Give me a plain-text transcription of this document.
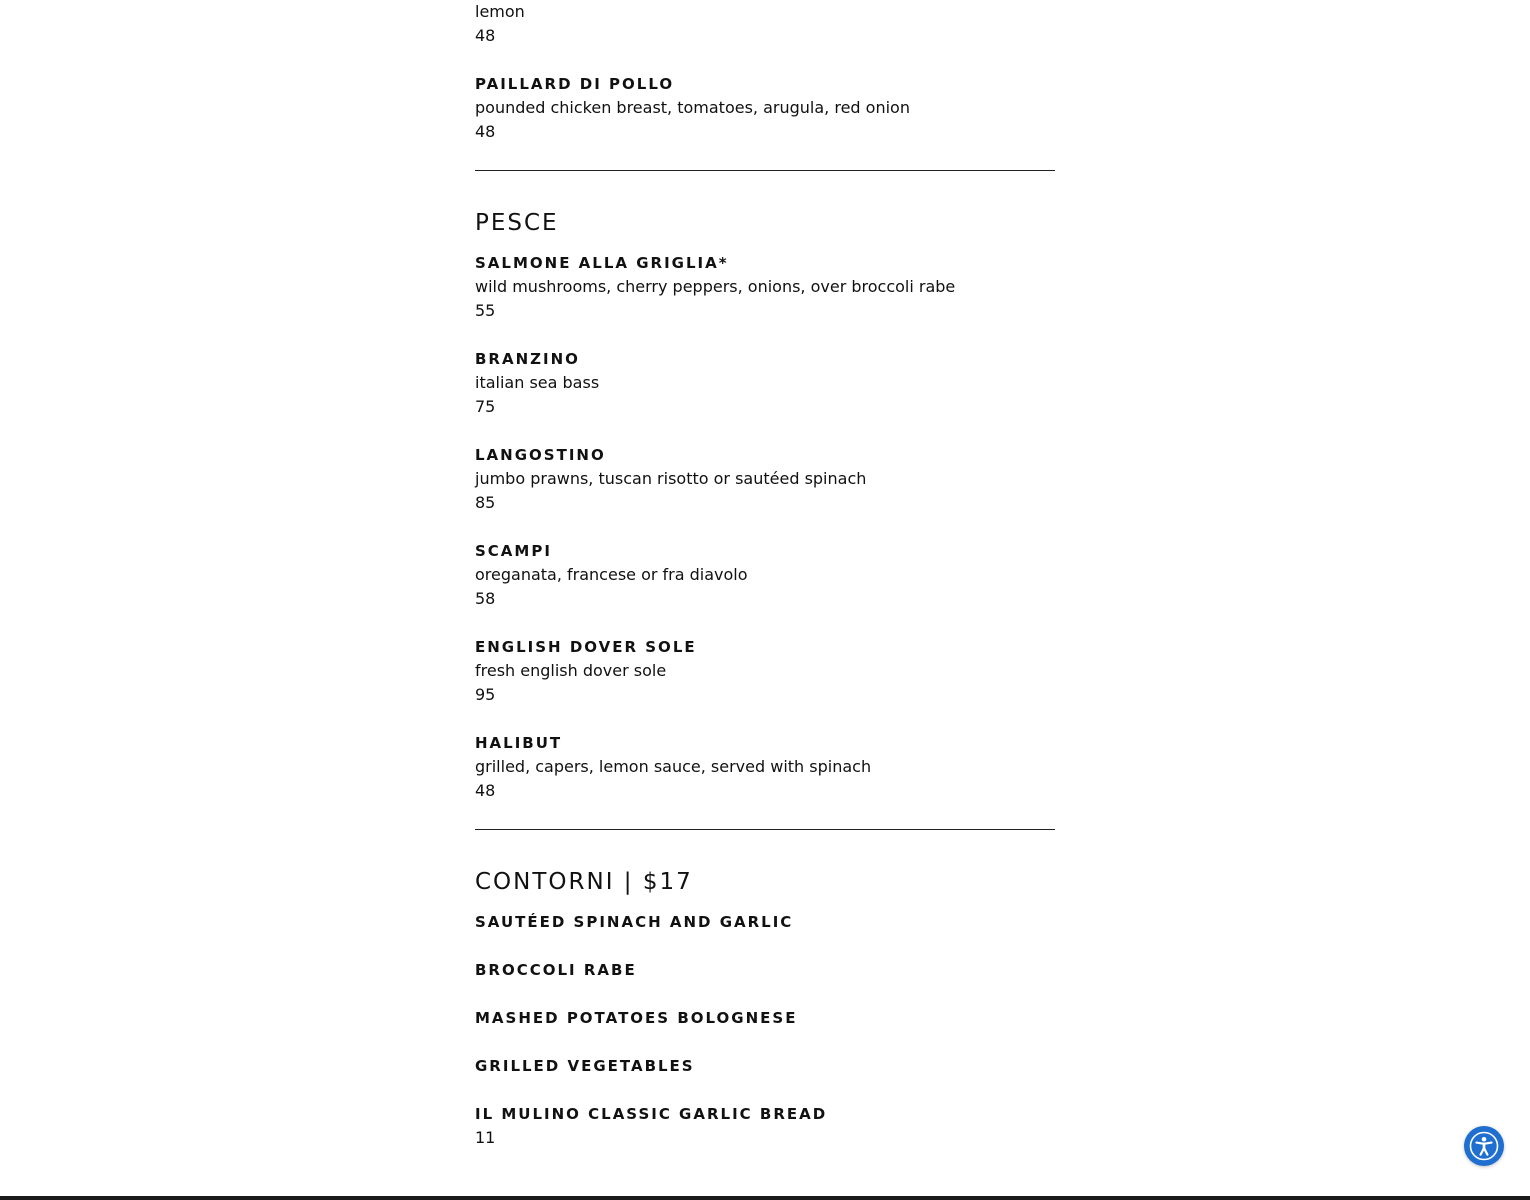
lemon
48
PAILLARD DI POLLO
pounded chicken breast, tomatoes, arugula, red onion
48
PESCE
SALMONE ALLA GRIGLIA*
wild mushrooms, cherry peppers, onions, over broccoli rabe
55
BRANZINO
italian sea bass
75
LANGOSTINO
jumbo prawns, tuscan risotto or sautéed spinach
85
SCAMPI
oreganata, francese or fra diavolo
58
ENGLISH DOVER SOLE
fresh english dover sole
95
HALIBUT
grilled, capers, lemon sauce, served with spinach
48
CONTORNI | $17
SAUTÉED SPINACH AND GARLIC
BROCCOLI RABE
MASHED POTATOES BOLOGNESE
GRILLED VEGETABLES
IL MULINO CLASSIC GARLIC BREAD
11
